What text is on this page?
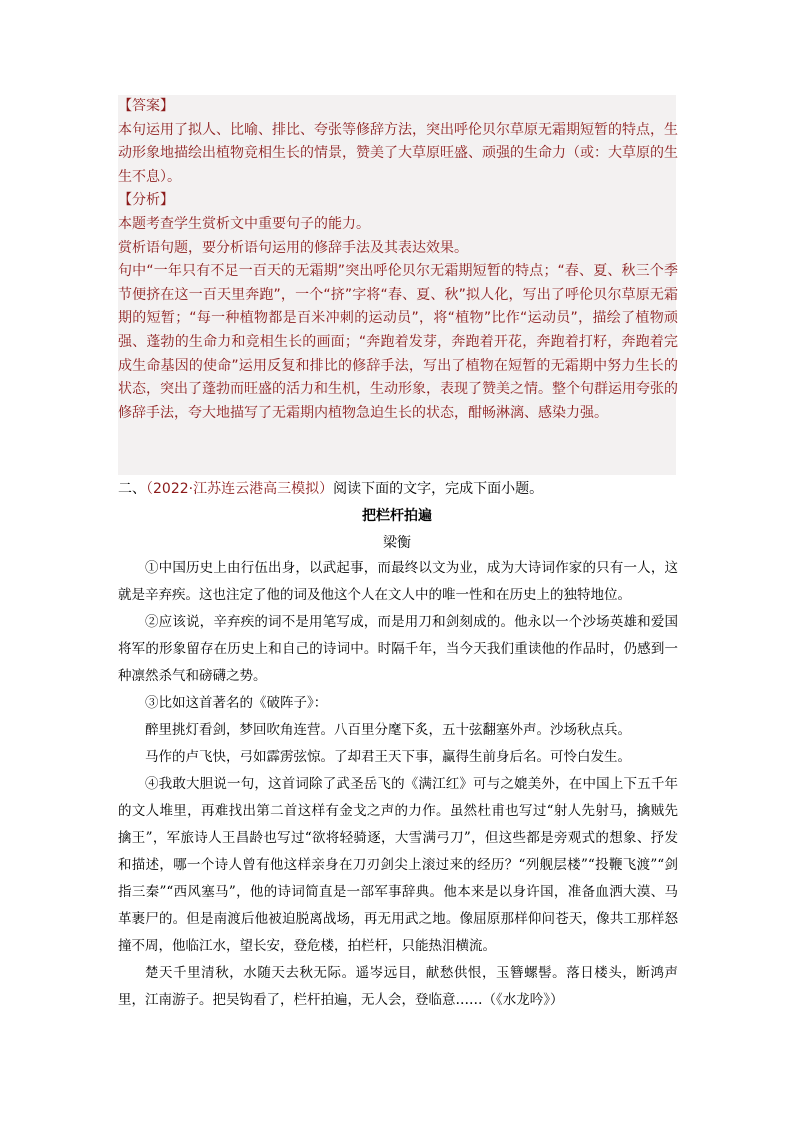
【答案】

本句运用了拟人、比喻、排比、夸张等修辞方法，突出呼伦贝尔草原无霜期短暂的特点，生动形象地描绘出植物竞相生长的情景，赞美了大草原旺盛、顽强的生命力（或：大草原的生生不息）。

【分析】

本题考查学生赏析文中重要句子的能力。

赏析语句题，要分析语句运用的修辞手法及其表达效果。

句中“一年只有不足一百天的无霜期”突出呼伦贝尔无霜期短暂的特点；“春、夏、秋三个季节便挤在这一百天里奔跑”，一个“挤”字将“春、夏、秋”拟人化，写出了呼伦贝尔草原无霜期的短暂；“每一种植物都是百米冲刺的运动员”，将“植物”比作“运动员”，描绘了植物顽强、蓬勃的生命力和竞相生长的画面；“奔跑着发芽，奔跑着开花，奔跑着打籽，奔跑着完成生命基因的使命”运用反复和排比的修辞手法，写出了植物在短暂的无霜期中努力生长的状态，突出了蓬勃而旺盛的活力和生机，生动形象，表现了赞美之情。整个句群运用夸张的修辞手法，夸大地描写了无霜期内植物急迫生长的状态，酣畅淋漓、感染力强。

二、（2022·江苏连云港高三模拟）阅读下面的文字，完成下面小题。
把栏杆拍遍
梁衡

①中国历史上由行伍出身，以武起事，而最终以文为业，成为大诗词作家的只有一人，这就是辛弃疾。这也注定了他的词及他这个人在文人中的唯一性和在历史上的独特地位。

②应该说，辛弃疾的词不是用笔写成，而是用刀和剑刻成的。他永以一个沙场英雄和爱国将军的形象留存在历史上和自己的诗词中。时隔千年，当今天我们重读他的作品时，仍感到一种凛然杀气和磅礴之势。

③比如这首著名的《破阵子》：

醉里挑灯看剑，梦回吹角连营。八百里分麾下炙，五十弦翻塞外声。沙场秋点兵。

马作的卢飞快，弓如霹雳弦惊。了却君王天下事，赢得生前身后名。可怜白发生。

④我敢大胆说一句，这首词除了武圣岳飞的《满江红》可与之媲美外，在中国上下五千年的文人堆里，再难找出第二首这样有金戈之声的力作。虽然杜甫也写过“射人先射马，擒贼先擒王”，军旅诗人王昌龄也写过“欲将轻骑逐，大雪满弓刀”，但这些都是旁观式的想象、抒发和描述，哪一个诗人曾有他这样亲身在刀刃剑尖上滚过来的经历？“列舰层楼”“投鞭飞渡”“剑指三秦”“西风塞马”，他的诗词简直是一部军事辞典。他本来是以身许国，准备血洒大漠、马革裹尸的。但是南渡后他被迫脱离战场，再无用武之地。像屈原那样仰问苍天，像共工那样怒撞不周，他临江水，望长安，登危楼，拍栏杆，只能热泪横流。

楚天千里清秋，水随天去秋无际。遥岑远目，献愁供恨，玉簪螺髻。落日楼头，断鸿声里，江南游子。把吴钩看了，栏杆拍遍，无人会，登临意……（《水龙吟》）
